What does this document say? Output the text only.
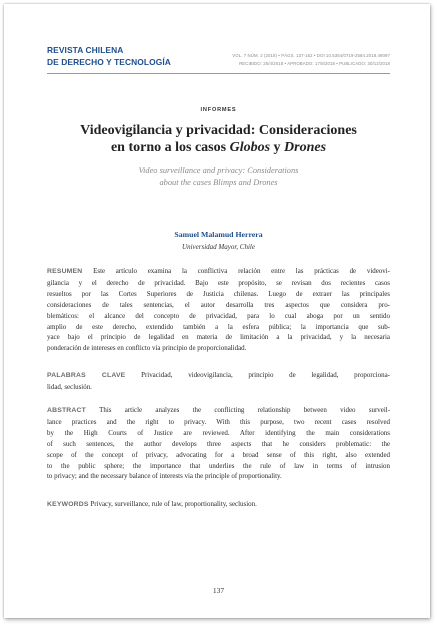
REVISTA CHILENA
DE DERECHO Y TECNOLOGÍA
VOL. 7 NÚM. 2 (2018) • PÁGS. 137-162 • DOI 10.5354/0719-2584.2018.49097
RECIBIDO: 25/4/2018 • APROBADO: 17/8/2018 • PUBLICADO: 30/12/2018
INFORMES
Videovigilancia y privacidad: Consideraciones
en torno a los casos Globos y Drones
Video surveillance and privacy: Considerations
about the cases Blimps and Drones
Samuel Malamud Herrera
Universidad Mayor, Chile
RESUMEN Este artículo examina la conflictiva relación entre las prácticas de videovi-
gilancia y el derecho de privacidad. Bajo este propósito, se revisan dos recientes casos
resueltos por las Cortes Superiores de Justicia chilenas. Luego de extraer las principales
consideraciones de tales sentencias, el autor desarrolla tres aspectos que considera pro-
blemáticos: el alcance del concepto de privacidad, para lo cual aboga por un sentido
amplio de este derecho, extendido también a la esfera pública; la importancia que sub-
yace bajo el principio de legalidad en materia de limitación a la privacidad, y la necesaria
ponderación de intereses en conflicto vía principio de proporcionalidad.
PALABRAS CLAVE Privacidad, videovigilancia, principio de legalidad, proporciona-
lidad, seclusión.
ABSTRACT This article analyzes the conflicting relationship between video surveil-
lance practices and the right to privacy. With this purpose, two recent cases resolved
by the High Courts of Justice are reviewed. After identifying the main considerations
of such sentences, the author develops three aspects that he considers problematic: the
scope of the concept of privacy, advocating for a broad sense of this right, also extended
to the public sphere; the importance that underlies the rule of law in terms of intrusion
to privacy; and the necessary balance of interests via the principle of proportionality.
KEYWORDS Privacy, surveillance, rule of law, proportionality, seclusion.
137
